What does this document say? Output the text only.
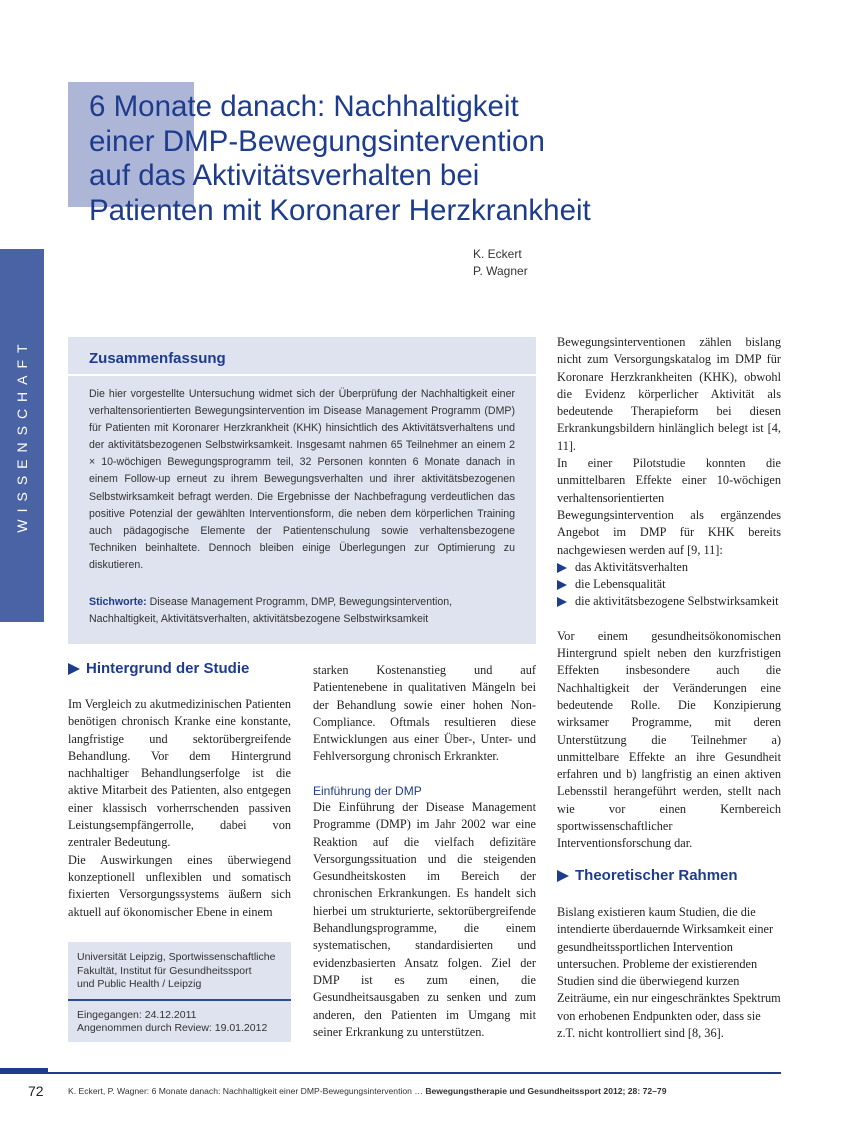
6 Monate danach: Nachhaltigkeit
einer DMP-Bewegungsintervention
auf das Aktivitätsverhalten bei
Patienten mit Koronarer Herzkrankheit
K. Eckert
P. Wagner
WISSENSCHAFT	Zusammenfassung

Die hier vorgestellte Untersuchung widmet sich der Überprüfung der Nachhaltigkeit einer verhaltensorientierten Bewegungsintervention im Disease Management Programm (DMP) für Patienten mit Koronarer Herzkrankheit (KHK) hinsichtlich des Aktivitätsverhaltens und der aktivitätsbezogenen Selbstwirksamkeit. Insgesamt nahmen 65 Teilnehmer an einem 2 × 10-wöchigen Bewegungsprogramm teil, 32 Personen konnten 6 Monate danach in einem Follow-up erneut zu ihrem Bewegungsverhalten und ihrer aktivitätsbezogenen Selbstwirksamkeit befragt werden. Die Ergebnisse der Nachbefragung verdeutlichen das positive Potenzial der gewählten Interventionsform, die neben dem körperlichen Training auch pädagogische Elemente der Patientenschulung sowie verhaltensbezogene Techniken beinhaltete. Dennoch bleiben einige Überlegungen zur Optimierung zu diskutieren.

Stichworte: Disease Management Programm, DMP, Bewegungsintervention, Nachhaltigkeit, Aktivitätsverhalten, aktivitätsbezogene Selbstwirksamkeit

Hintergrund der Studie

Im Vergleich zu akutmedizinischen Patienten benötigen chronisch Kranke eine konstante, langfristige und sektorübergreifende Behandlung. Vor dem Hintergrund nachhaltiger Behandlungserfolge ist die aktive Mitarbeit des Patienten, also entgegen einer klassisch vorherrschenden passiven Leistungsempfängerrolle, dabei von zentraler Bedeutung.

Die Auswirkungen eines überwiegend konzeptionell unflexiblen und somatisch fixierten Versorgungssystems äußern sich aktuell auf ökonomischer Ebene in einem

Universität Leipzig, Sportwissenschaftliche
Fakultät, Institut für Gesundheitssport
und Public Health / Leipzig
Eingegangen: 24.12.2011
Angenommen durch Review: 19.01.2012

starken Kostenanstieg und auf Patientenebene in qualitativen Mängeln bei der Behandlung sowie einer hohen Non-Compliance. Oftmals resultieren diese Entwicklungen aus einer Über-, Unter- und Fehlversorgung chronisch Erkrankter.

Einführung der DMP

Die Einführung der Disease Management Programme (DMP) im Jahr 2002 war eine Reaktion auf die vielfach defizitäre Versorgungssituation und die steigenden Gesundheitskosten im Bereich der chronischen Erkrankungen. Es handelt sich hierbei um strukturierte, sektorübergreifende Behandlungsprogramme, die einem systematischen, standardisierten und evidenzbasierten Ansatz folgen. Ziel der DMP ist es zum einen, die Gesundheitsausgaben zu senken und zum anderen, den Patienten im Umgang mit seiner Erkrankung zu unterstützen.

Bewegungsinterventionen zählen bislang nicht zum Versorgungskatalog im DMP für Koronare Herzkrankheiten (KHK), obwohl die Evidenz körperlicher Aktivität als bedeutende Therapieform bei diesen Erkrankungsbildern hinlänglich belegt ist [4, 11].

In einer Pilotstudie konnten die unmittelbaren Effekte einer 10-wöchigen verhaltensorientierten Bewegungsintervention als ergänzendes Angebot im DMP für KHK bereits nachgewiesen werden auf [9, 11]:

das Aktivitätsverhalten
die Lebensqualität
die aktivitätsbezogene Selbstwirksamkeit

Vor einem gesundheitsökonomischen Hintergrund spielt neben den kurzfristigen Effekten insbesondere auch die Nachhaltigkeit der Veränderungen eine bedeutende Rolle. Die Konzipierung wirksamer Programme, mit deren Unterstützung die Teilnehmer a) unmittelbare Effekte an ihre Gesundheit erfahren und b) langfristig an einen aktiven Lebensstil herangeführt werden, stellt nach wie vor einen Kernbereich sportwissenschaftlicher Interventionsforschung dar.

Theoretischer Rahmen

Bislang existieren kaum Studien, die die intendierte überdauernde Wirksamkeit einer gesundheitssportlichen Intervention untersuchen. Probleme der existierenden Studien sind die überwiegend kurzen Zeiträume, ein nur eingeschränktes Spektrum von erhobenen Endpunkten oder, dass sie z.T. nicht kontrolliert sind [8, 36].

72	K. Eckert, P. Wagner: 6 Monate danach: Nachhaltigkeit einer DMP-Bewegungsintervention … Bewegungstherapie und Gesundheitssport 2012; 28: 72–79
